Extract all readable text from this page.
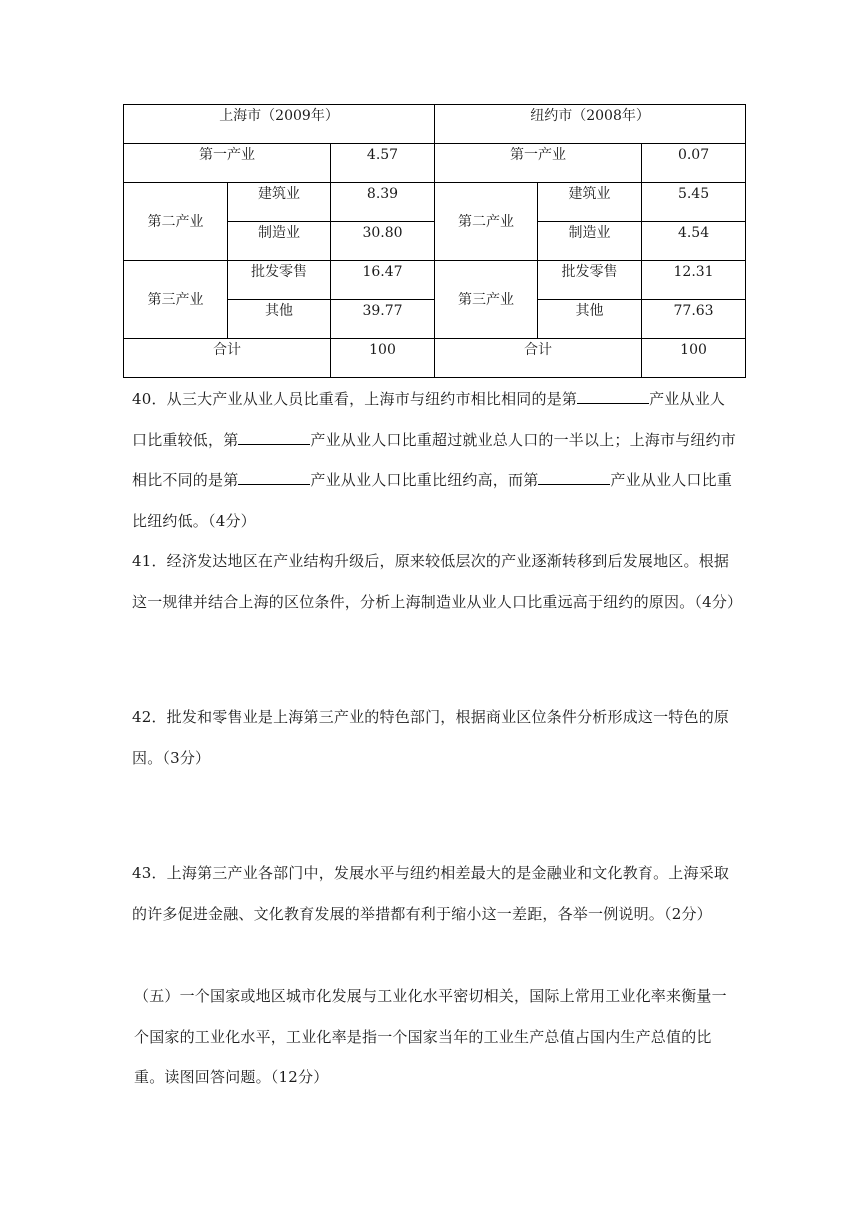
上海市（2009年）			纽约市（2008年）		
第一产业		4.57	第一产业		0.07
第二产业	建筑业	8.39	第二产业	建筑业	5.45
	制造业	30.80		制造业	4.54
第三产业	批发零售	16.47	第三产业	批发零售	12.31
	其他	39.77		其他	77.63
合计		100	合计		100

40．从三大产业从业人员比重看，上海市与纽约市相比相同的是第	产业从业人口比重较低，第	产业从业人口比重超过就业总人口的一半以上；上海市与纽约市相比不同的是第	产业从业人口比重比纽约高，而第	产业从业人口比重比纽约低。（4分）

41．经济发达地区在产业结构升级后，原来较低层次的产业逐渐转移到后发展地区。根据这一规律并结合上海的区位条件，分析上海制造业从业人口比重远高于纽约的原因。（4分）

42．批发和零售业是上海第三产业的特色部门，根据商业区位条件分析形成这一特色的原因。（3分）

43．上海第三产业各部门中，发展水平与纽约相差最大的是金融业和文化教育。上海采取的许多促进金融、文化教育发展的举措都有利于缩小这一差距，各举一例说明。（2分）

（五）一个国家或地区城市化发展与工业化水平密切相关，国际上常用工业化率来衡量一个国家的工业化水平，工业化率是指一个国家当年的工业生产总值占国内生产总值的比重。读图回答问题。（12分）
